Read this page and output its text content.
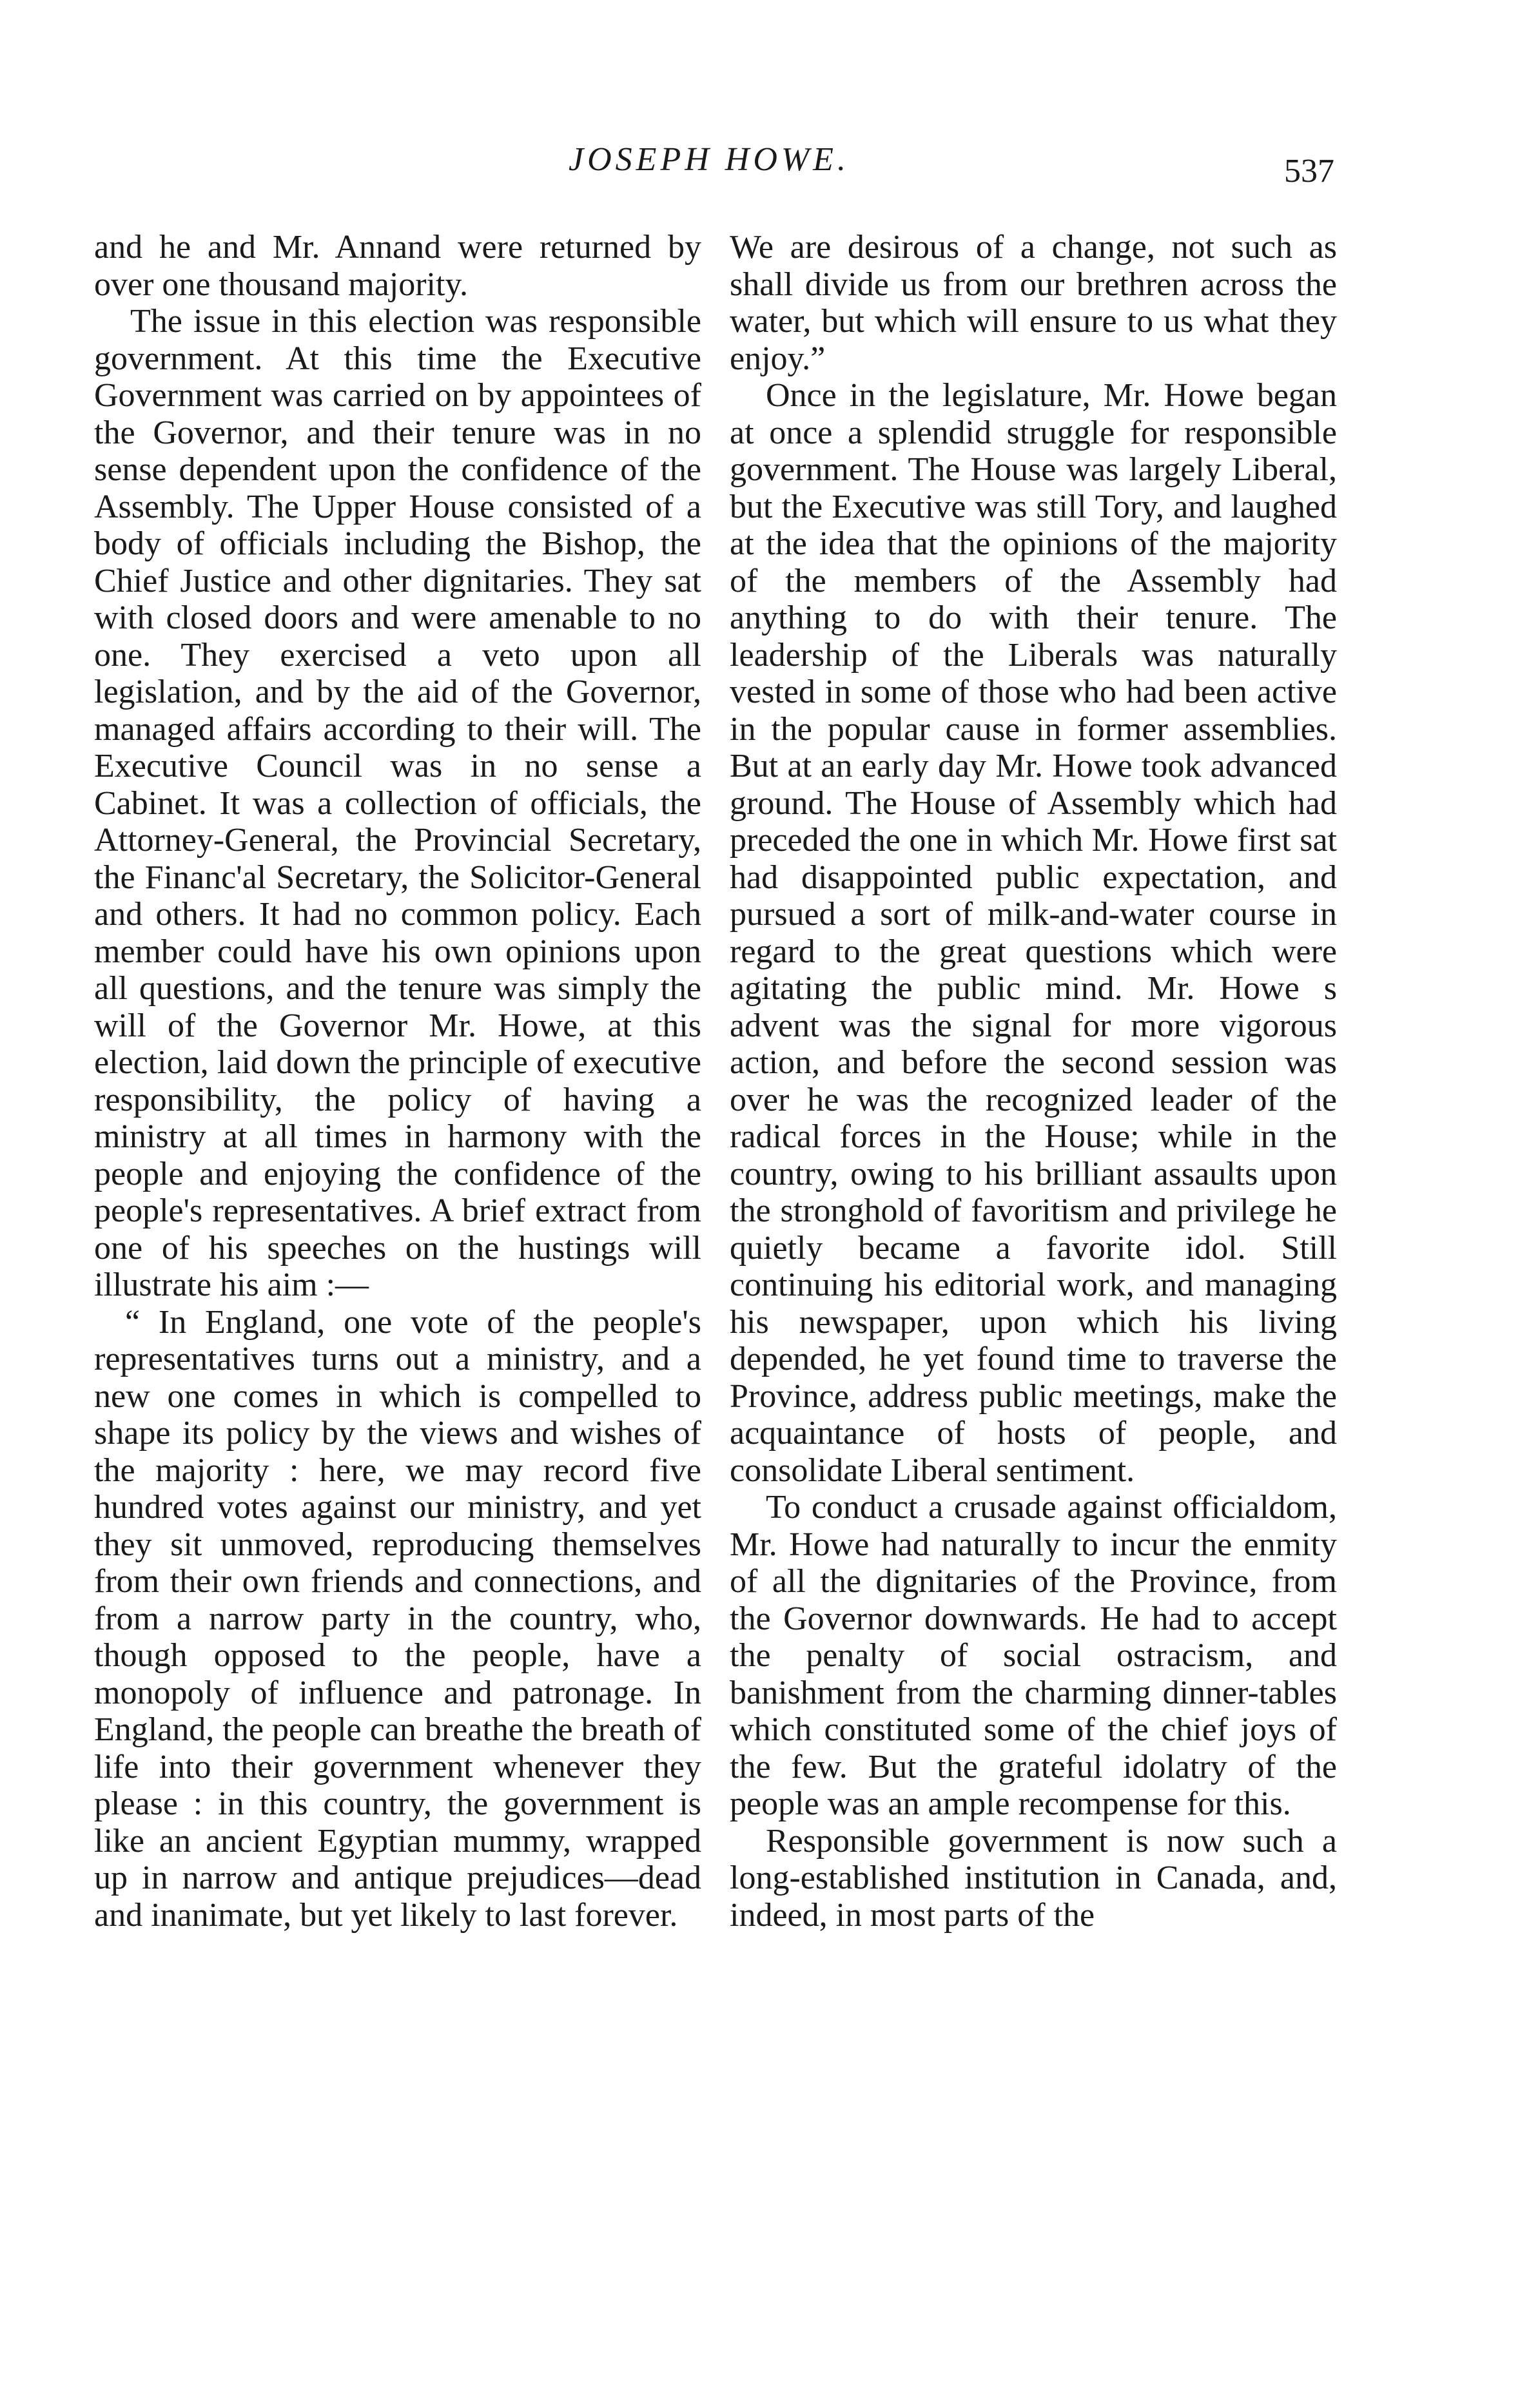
JOSEPH HOWE.	537

and he and Mr. Annand were returned by over one thousand majority.

The issue in this election was responsible government. At this time the Executive Government was carried on by appointees of the Governor, and their tenure was in no sense dependent upon the confidence of the Assembly. The Upper House consisted of a body of officials including the Bishop, the Chief Justice and other dignitaries. They sat with closed doors and were amenable to no one. They exercised a veto upon all legislation, and by the aid of the Governor, managed affairs according to their will. The Executive Council was in no sense a Cabinet. It was a collection of officials, the Attorney-General, the Provincial Secretary, the Financ'al Secretary, the Solicitor-General and others. It had no common policy. Each member could have his own opinions upon all questions, and the tenure was simply the will of the Governor Mr. Howe, at this election, laid down the principle of executive responsibility, the policy of having a ministry at all times in harmony with the people and enjoying the confidence of the people's representatives. A brief extract from one of his speeches on the hustings will illustrate his aim :—

“ In England, one vote of the people's representatives turns out a ministry, and a new one comes in which is compelled to shape its policy by the views and wishes of the majority : here, we may record five hundred votes against our ministry, and yet they sit unmoved, reproducing themselves from their own friends and connections, and from a narrow party in the country, who, though opposed to the people, have a monopoly of influence and patronage. In England, the people can breathe the breath of life into their government whenever they please : in this country, the government is like an ancient Egyptian mummy, wrapped up in narrow and antique prejudices—dead and inanimate, but yet likely to last forever.

We are desirous of a change, not such as shall divide us from our brethren across the water, but which will ensure to us what they enjoy.”

Once in the legislature, Mr. Howe began at once a splendid struggle for responsible government. The House was largely Liberal, but the Executive was still Tory, and laughed at the idea that the opinions of the majority of the members of the Assembly had anything to do with their tenure. The leadership of the Liberals was naturally vested in some of those who had been active in the popular cause in former assemblies. But at an early day Mr. Howe took advanced ground. The House of Assembly which had preceded the one in which Mr. Howe first sat had disappointed public expectation, and pursued a sort of milk-and-water course in regard to the great questions which were agitating the public mind. Mr. Howe s advent was the signal for more vigorous action, and before the second session was over he was the recognized leader of the radical forces in the House; while in the country, owing to his brilliant assaults upon the stronghold of favoritism and privilege he quietly became a favorite idol. Still continuing his editorial work, and managing his newspaper, upon which his living depended, he yet found time to traverse the Province, address public meetings, make the acquaintance of hosts of people, and consolidate Liberal sentiment.

To conduct a crusade against officialdom, Mr. Howe had naturally to incur the enmity of all the dignitaries of the Province, from the Governor downwards. He had to accept the penalty of social ostracism, and banishment from the charming dinner-tables which constituted some of the chief joys of the few. But the grateful idolatry of the people was an ample recompense for this.

Responsible government is now such a long-established institution in Canada, and, indeed, in most parts of the
